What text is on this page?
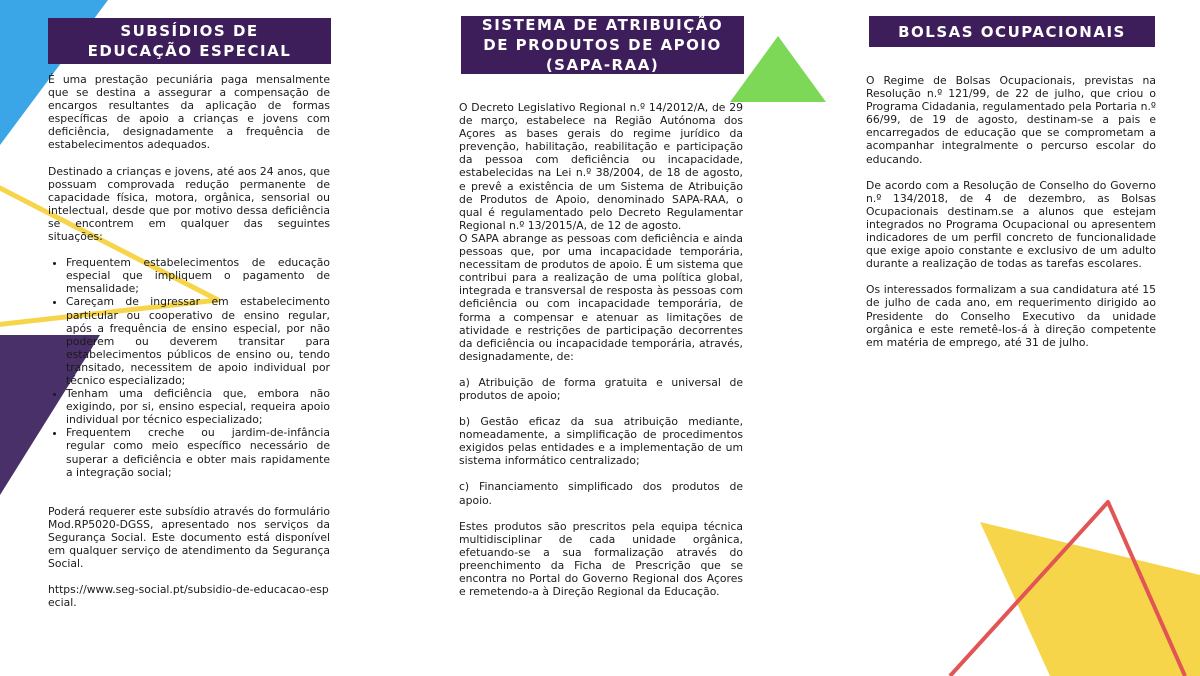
SUBSÍDIOS DE
EDUCAÇÃO ESPECIAL
SISTEMA DE ATRIBUIÇÃO
DE PRODUTOS DE APOIO
(SAPA-RAA)
BOLSAS OCUPACIONAIS

É uma prestação pecuniária paga mensalmente que se destina a assegurar a compensação de encargos resultantes da aplicação de formas específicas de apoio a crianças e jovens com deficiência, designadamente a frequência de estabelecimentos adequados.

Destinado a crianças e jovens, até aos 24 anos, que possuam comprovada redução permanente de capacidade física, motora, orgânica, sensorial ou intelectual, desde que por motivo dessa deficiência se encontrem em qualquer das seguintes situações:

• Frequentem estabelecimentos de educação especial que impliquem o pagamento de mensalidade;
• Careçam de ingressar em estabelecimento particular ou cooperativo de ensino regular, após a frequência de ensino especial, por não poderem ou deverem transitar para estabelecimentos públicos de ensino ou, tendo transitado, necessitem de apoio individual por técnico especializado;
• Tenham uma deficiência que, embora não exigindo, por si, ensino especial, requeira apoio individual por técnico especializado;
• Frequentem creche ou jardim-de-infância regular como meio específico necessário de superar a deficiência e obter mais rapidamente a integração social;

Poderá requerer este subsídio através do formulário Mod.RP5020-DGSS, apresentado nos serviços da Segurança Social. Este documento está disponível em qualquer serviço de atendimento da Segurança Social.

https://www.seg-social.pt/subsidio-de-educacao-especial.

O Decreto Legislativo Regional n.º 14/2012/A, de 29 de março, estabelece na Região Autónoma dos Açores as bases gerais do regime jurídico da prevenção, habilitação, reabilitação e participação da pessoa com deficiência ou incapacidade, estabelecidas na Lei n.º 38/2004, de 18 de agosto, e prevê a existência de um Sistema de Atribuição de Produtos de Apoio, denominado SAPA-RAA, o qual é regulamentado pelo Decreto Regulamentar Regional n.º 13/2015/A, de 12 de agosto.

O SAPA abrange as pessoas com deficiência e ainda pessoas que, por uma incapacidade temporária, necessitam de produtos de apoio. É um sistema que contribui para a realização de uma política global, integrada e transversal de resposta às pessoas com deficiência ou com incapacidade temporária, de forma a compensar e atenuar as limitações de atividade e restrições de participação decorrentes da deficiência ou incapacidade temporária, através, designadamente, de:

a) Atribuição de forma gratuita e universal de produtos de apoio;

b) Gestão eficaz da sua atribuição mediante, nomeadamente, a simplificação de procedimentos exigidos pelas entidades e a implementação de um sistema informático centralizado;

c) Financiamento simplificado dos produtos de apoio.

Estes produtos são prescritos pela equipa técnica multidisciplinar de cada unidade orgânica, efetuando-se a sua formalização através do preenchimento da Ficha de Prescrição que se encontra no Portal do Governo Regional dos Açores e remetendo-a à Direção Regional da Educação.

O Regime de Bolsas Ocupacionais, previstas na Resolução n.º 121/99, de 22 de julho, que criou o Programa Cidadania, regulamentado pela Portaria n.º 66/99, de 19 de agosto, destinam-se a pais e encarregados de educação que se comprometam a acompanhar integralmente o percurso escolar do educando.

De acordo com a Resolução de Conselho do Governo n.º 134/2018, de 4 de dezembro, as Bolsas Ocupacionais destinam.se a alunos que estejam integrados no Programa Ocupacional ou apresentem indicadores de um perfil concreto de funcionalidade que exige apoio constante e exclusivo de um adulto durante a realização de todas as tarefas escolares.

Os interessados formalizam a sua candidatura até 15 de julho de cada ano, em requerimento dirigido ao Presidente do Conselho Executivo da unidade orgânica e este remetê-los-á à direção competente em matéria de emprego, até 31 de julho.
